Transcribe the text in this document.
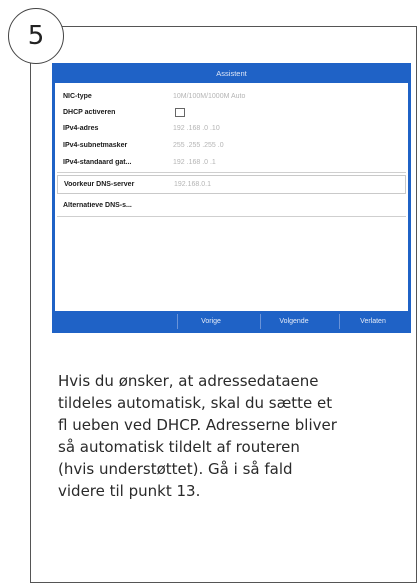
5
Assistent
NIC-type	10M/100M/1000M Auto
DHCP activeren
IPv4-adres	192 .168 .0 .10
IPv4-subnetmasker	255 .255 .255 .0
IPv4-standaard gat...	192 .168 .0 .1
Voorkeur DNS-server	192.168.0.1
Alternatieve DNS-s...
Vorige	Volgende	Verlaten
Hvis du ønsker, at adressedataene
tildeles automatisk, skal du sætte et
fl ueben ved DHCP. Adresserne bliver
så automatisk tildelt af routeren
(hvis understøttet). Gå i så fald
videre til punkt 13.
